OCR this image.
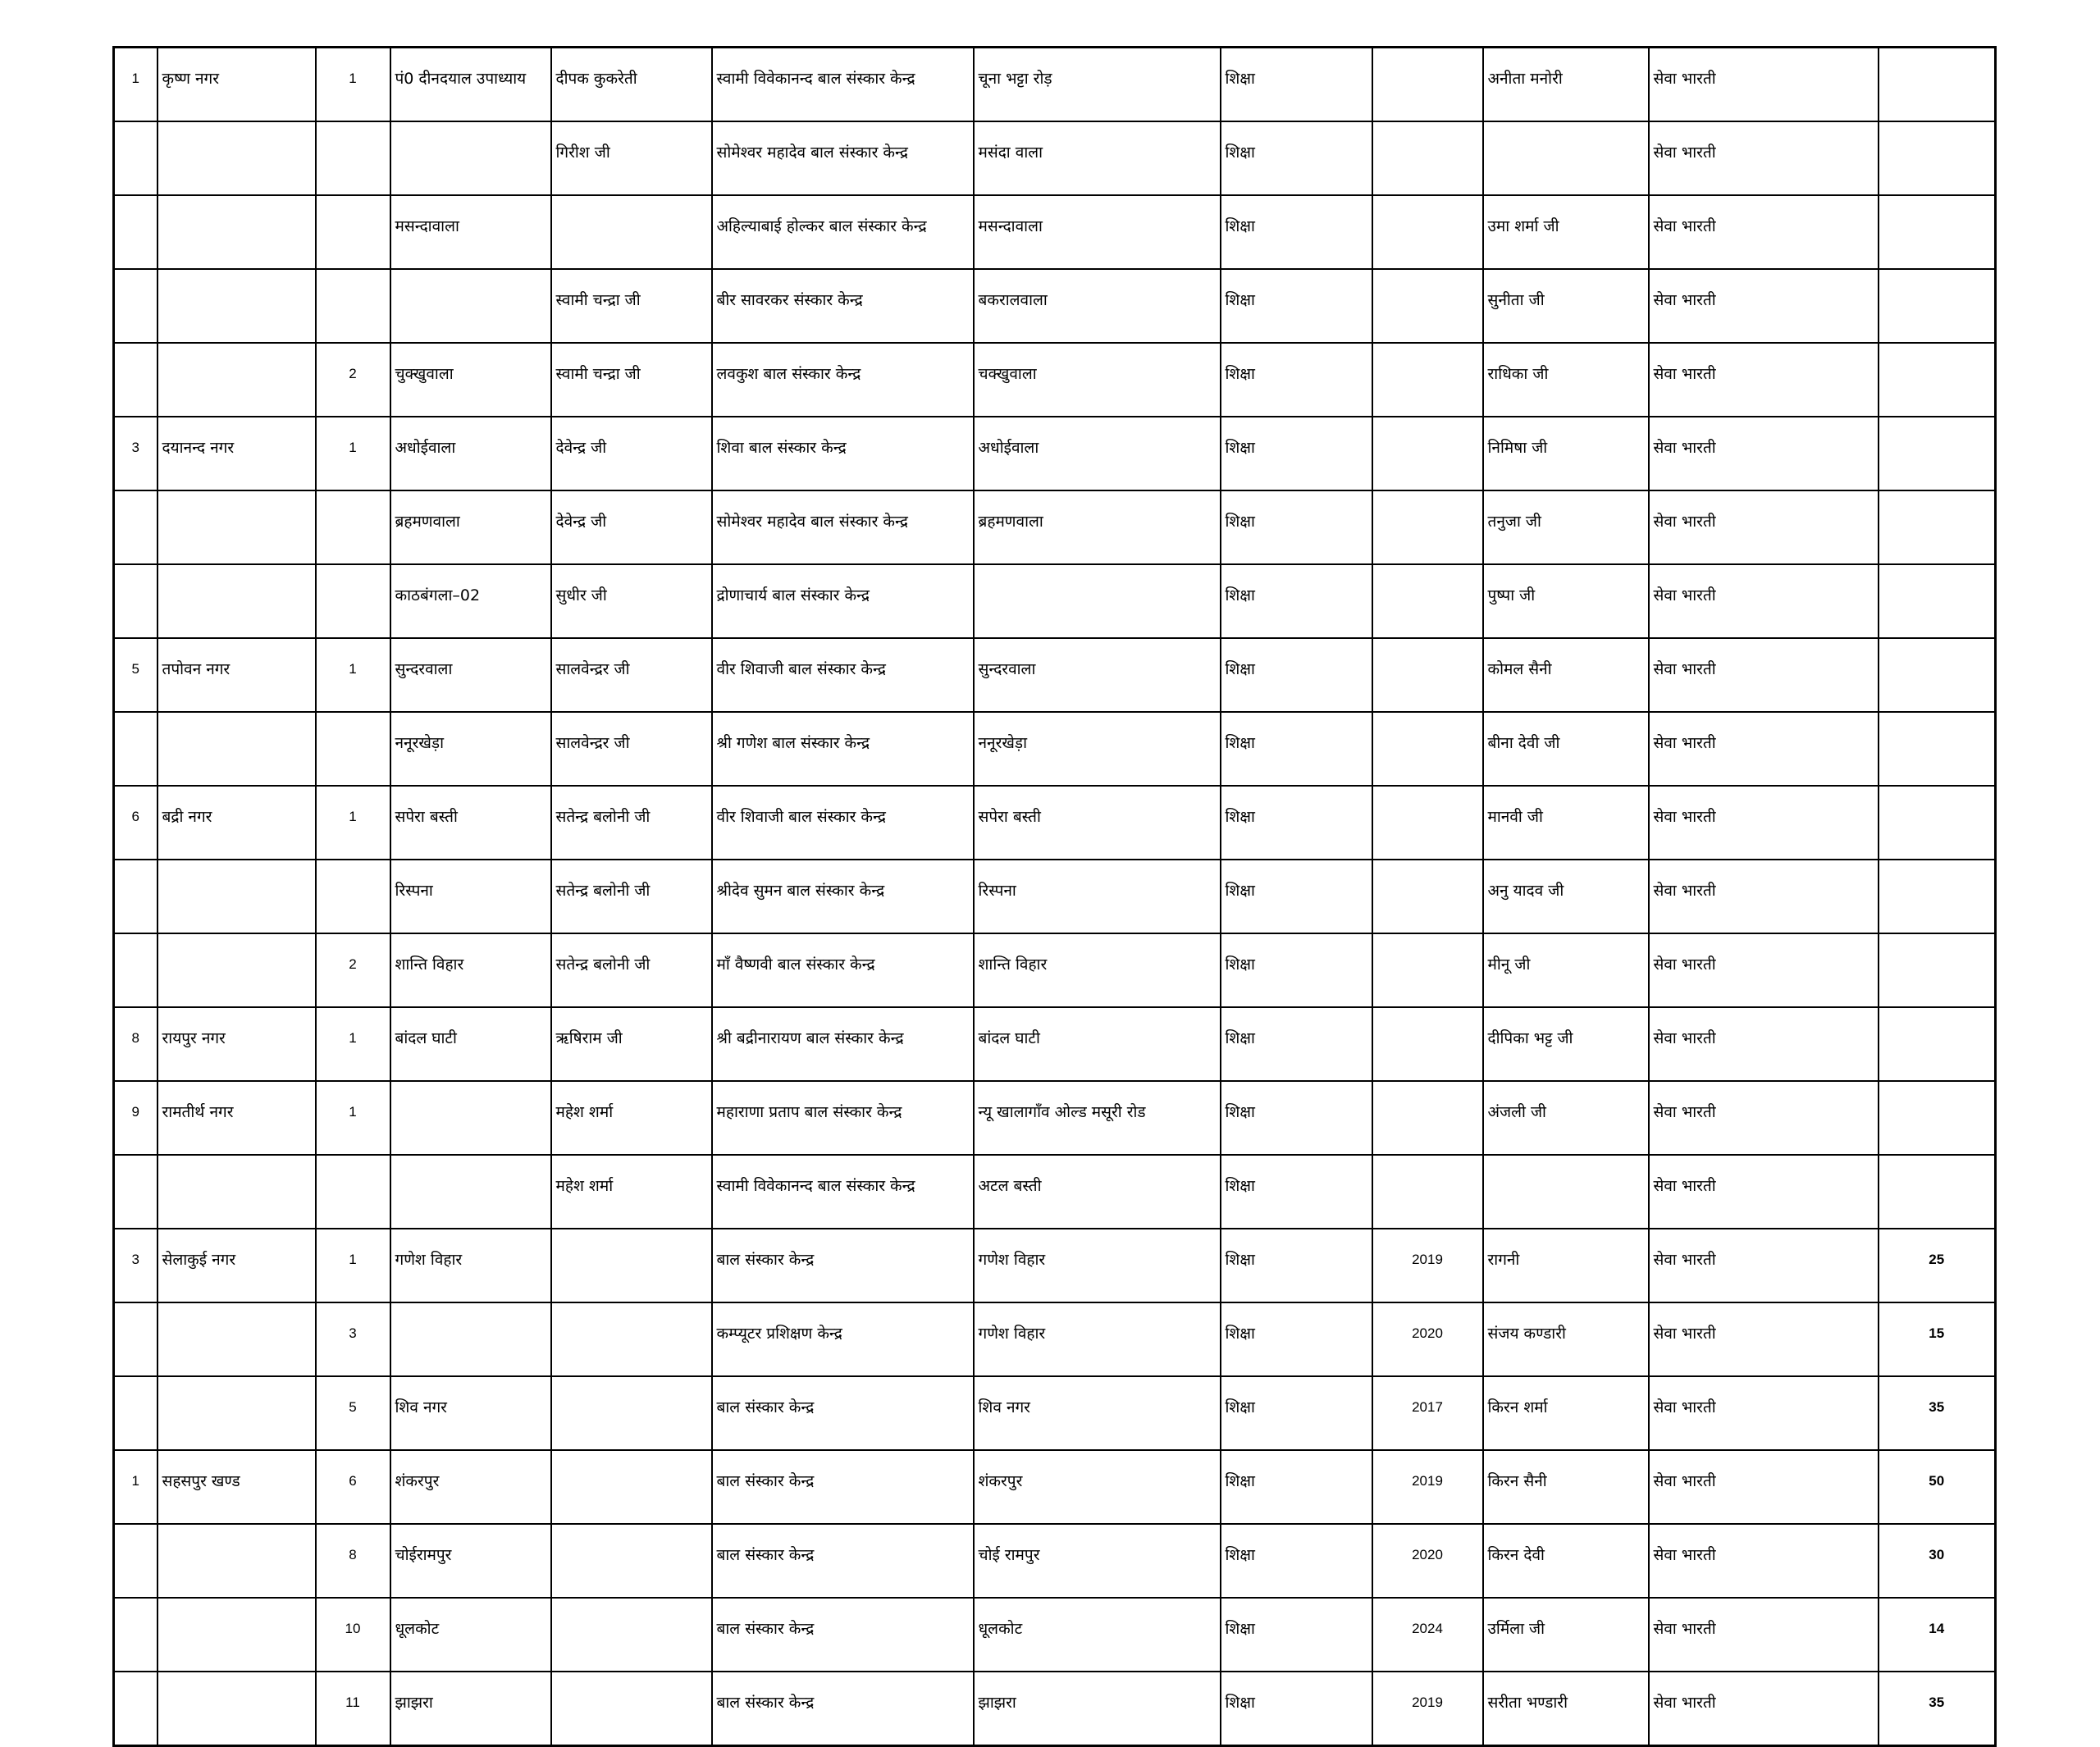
1	कृष्ण नगर	1	पं0 दीनदयाल उपाध्याय	दीपक कुकरेती	स्वामी विवेकानन्द बाल संस्कार केन्द्र	चूना भट्टा रोड़	शिक्षा		अनीता मनोरी	सेवा भारती	
				गिरीश जी	सोमेश्वर महादेव बाल संस्कार केन्द्र	मसंदा वाला	शिक्षा			सेवा भारती	
			मसन्दावाला		अहिल्याबाई होल्कर बाल संस्कार केन्द्र	मसन्दावाला	शिक्षा		उमा शर्मा जी	सेवा भारती	
				स्वामी चन्द्रा जी	बीर सावरकर संस्कार केन्द्र	बकरालवाला	शिक्षा		सुनीता जी	सेवा भारती	
		2	चुक्खुवाला	स्वामी चन्द्रा जी	लवकुश बाल संस्कार केन्द्र	चक्खुवाला	शिक्षा		राधिका जी	सेवा भारती	
3	दयानन्द नगर	1	अधोईवाला	देवेन्द्र जी	शिवा बाल संस्कार केन्द्र	अधोईवाला	शिक्षा		निमिषा जी	सेवा भारती	
			ब्रहमणवाला	देवेन्द्र जी	सोमेश्वर महादेव बाल संस्कार केन्द्र	ब्रहमणवाला	शिक्षा		तनुजा जी	सेवा भारती	
			काठबंगला–02	सुधीर जी	द्रोणाचार्य बाल संस्कार केन्द्र		शिक्षा		पुष्पा जी	सेवा भारती	
5	तपोवन नगर	1	सुन्दरवाला	सालवेन्द्रर जी	वीर शिवाजी बाल संस्कार केन्द्र	सुन्दरवाला	शिक्षा		कोमल सैनी	सेवा भारती	
			ननूरखेड़ा	सालवेन्द्रर जी	श्री गणेश बाल संस्कार केन्द्र	ननूरखेड़ा	शिक्षा		बीना देवी जी	सेवा भारती	
6	बद्री नगर	1	सपेरा बस्ती	सतेन्द्र बलोनी जी	वीर शिवाजी बाल संस्कार केन्द्र	सपेरा बस्ती	शिक्षा		मानवी जी	सेवा भारती	
			रिस्पना	सतेन्द्र बलोनी जी	श्रीदेव सुमन बाल संस्कार केन्द्र	रिस्पना	शिक्षा		अनु यादव जी	सेवा भारती	
		2	शान्ति विहार	सतेन्द्र बलोनी जी	माँ वैष्णवी बाल संस्कार केन्द्र	शान्ति विहार	शिक्षा		मीनू जी	सेवा भारती	
8	रायपुर नगर	1	बांदल घाटी	ऋषिराम जी	श्री बद्रीनारायण बाल संस्कार केन्द्र	बांदल घाटी	शिक्षा		दीपिका भट्ट जी	सेवा भारती	
9	रामतीर्थ नगर	1		महेश शर्मा	महाराणा प्रताप बाल संस्कार केन्द्र	न्यू खालागाँव ओल्ड मसूरी रोड	शिक्षा		अंजली जी	सेवा भारती	
				महेश शर्मा	स्वामी विवेकानन्द बाल संस्कार केन्द्र	अटल बस्ती	शिक्षा			सेवा भारती	
3	सेलाकुई नगर	1	गणेश विहार		बाल संस्कार केन्द्र	गणेश विहार	शिक्षा	2019	रागनी	सेवा भारती	25
		3			कम्प्यूटर प्रशिक्षण केन्द्र	गणेश विहार	शिक्षा	2020	संजय कण्डारी	सेवा भारती	15
		5	शिव नगर		बाल संस्कार केन्द्र	शिव नगर	शिक्षा	2017	किरन शर्मा	सेवा भारती	35
1	सहसपुर खण्ड	6	शंकरपुर		बाल संस्कार केन्द्र	शंकरपुर	शिक्षा	2019	किरन सैनी	सेवा भारती	50
		8	चोईरामपुर		बाल संस्कार केन्द्र	चोई रामपुर	शिक्षा	2020	किरन देवी	सेवा भारती	30
		10	धूलकोट		बाल संस्कार केन्द्र	धूलकोट	शिक्षा	2024	उर्मिला जी	सेवा भारती	14
		11	झाझरा		बाल संस्कार केन्द्र	झाझरा	शिक्षा	2019	सरीता भण्डारी	सेवा भारती	35
